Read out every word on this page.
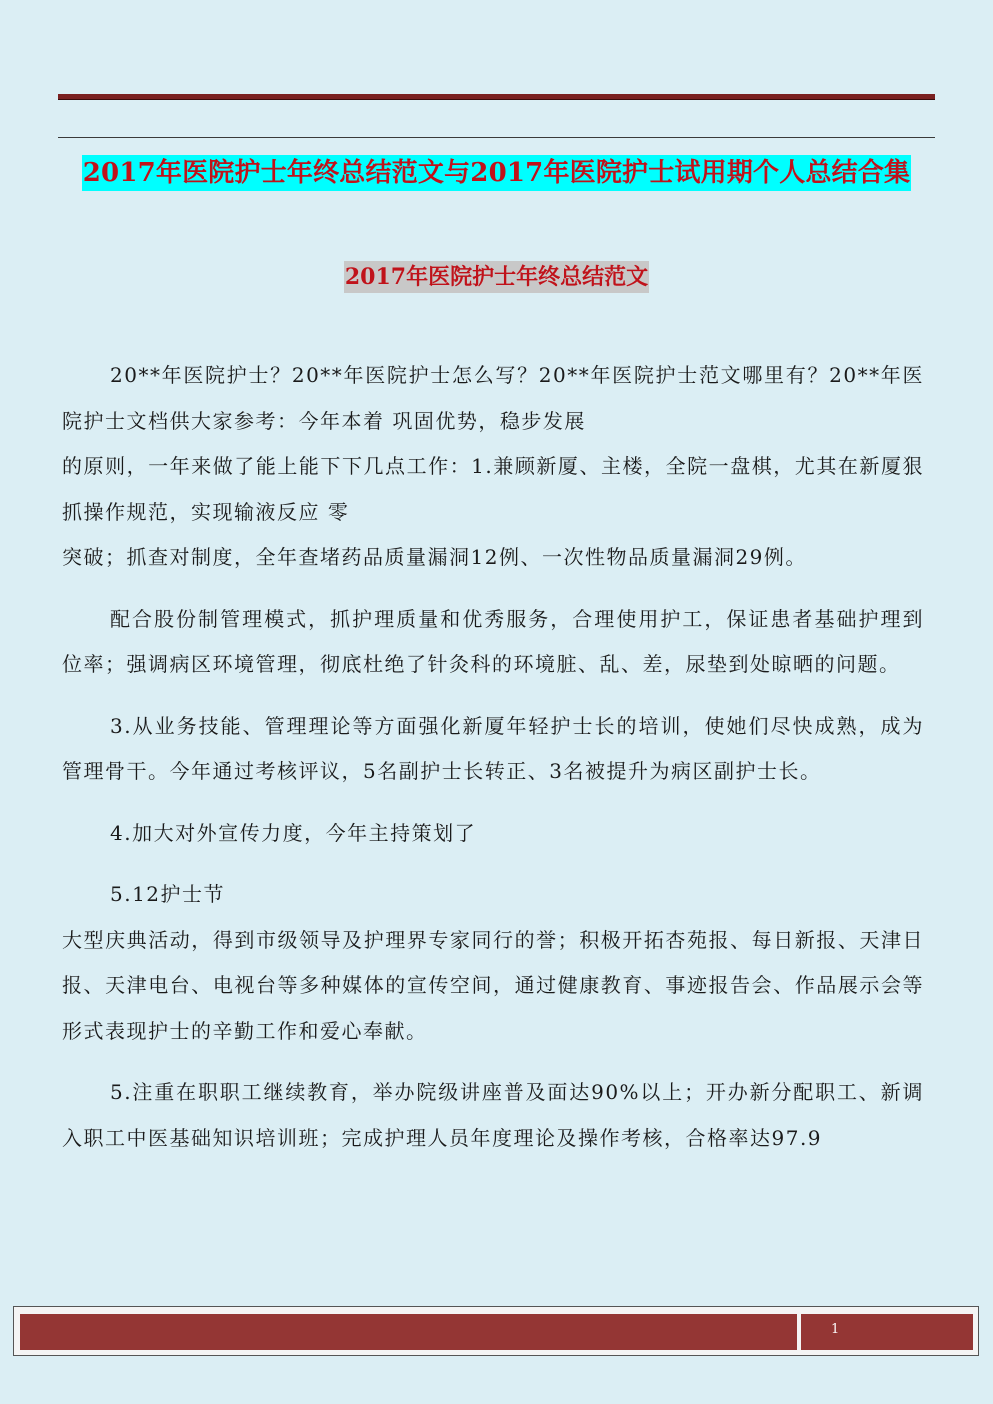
2017年医院护士年终总结范文与2017年医院护士试用期个人总结合集
2017年医院护士年终总结范文

20**年医院护士？20**年医院护士怎么写？20**年医院护士范文哪里有？20**年医院护士文档供大家参考：今年本着 巩固优势，稳步发展

的原则，一年来做了能上能下下几点工作：1.兼顾新厦、主楼，全院一盘棋，尤其在新厦狠抓操作规范，实现输液反应 零

突破；抓查对制度，全年查堵药品质量漏洞12例、一次性物品质量漏洞29例。

配合股份制管理模式，抓护理质量和优秀服务，合理使用护工，保证患者基础护理到位率；强调病区环境管理，彻底杜绝了针灸科的环境脏、乱、差，尿垫到处晾晒的问题。

3.从业务技能、管理理论等方面强化新厦年轻护士长的培训，使她们尽快成熟，成为管理骨干。今年通过考核评议，5名副护士长转正、3名被提升为病区副护士长。

4.加大对外宣传力度，今年主持策划了

5.12护士节

大型庆典活动，得到市级领导及护理界专家同行的誉；积极开拓杏苑报、每日新报、天津日报、天津电台、电视台等多种媒体的宣传空间，通过健康教育、事迹报告会、作品展示会等形式表现护士的辛勤工作和爱心奉献。

5.注重在职职工继续教育，举办院级讲座普及面达90%以上；开办新分配职工、新调入职工中医基础知识培训班；完成护理人员年度理论及操作考核，合格率达97.9

1
